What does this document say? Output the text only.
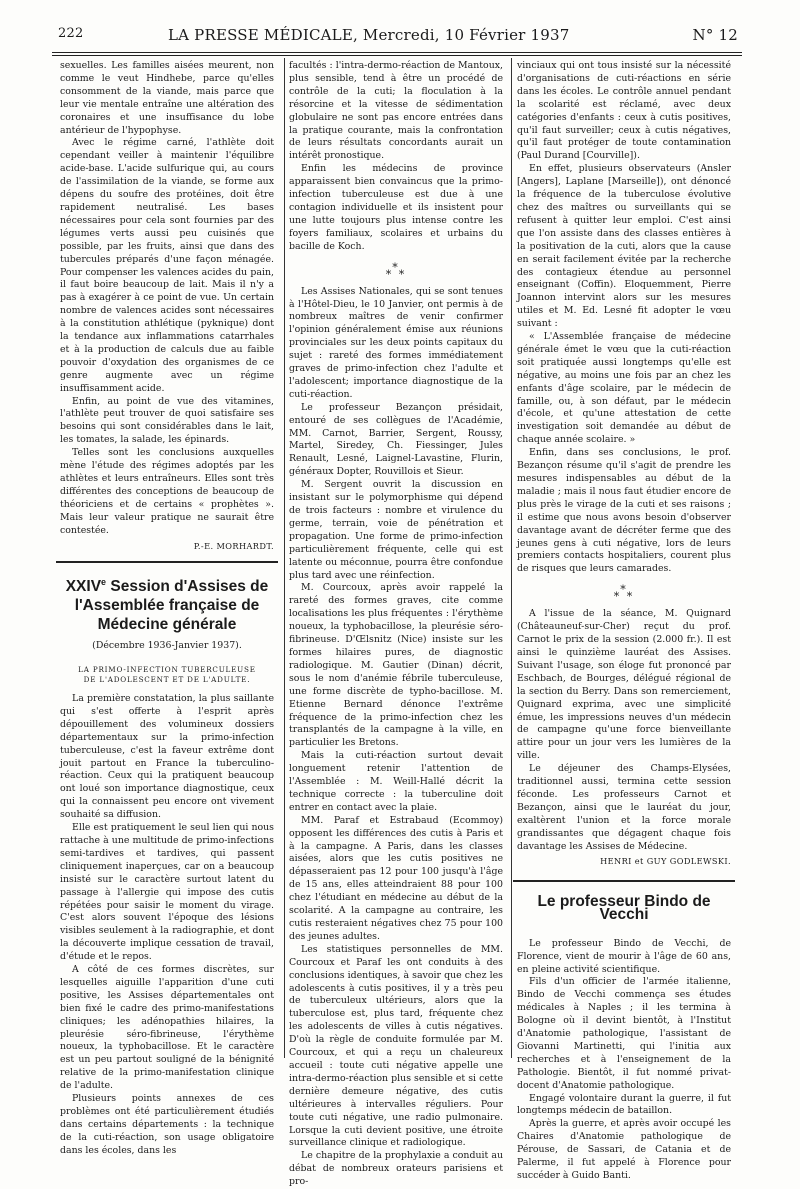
222	LA PRESSE MÉDICALE, Mercredi, 10 Février 1937	N° 12

sexuelles. Les familles aisées meurent, non comme le veut Hindhebe, parce qu'elles consomment de la viande, mais parce que leur vie mentale entraîne une altération des coronaires et une insuffisance du lobe antérieur de l'hypophyse.

Avec le régime carné, l'athlète doit cependant veiller à maintenir l'équilibre acide-base. L'acide sulfurique qui, au cours de l'assimilation de la viande, se forme aux dépens du soufre des protéines, doit être rapidement neutralisé. Les bases nécessaires pour cela sont fournies par des légumes verts aussi peu cuisinés que possible, par les fruits, ainsi que dans des tubercules préparés d'une façon ménagée. Pour compenser les valences acides du pain, il faut boire beaucoup de lait. Mais il n'y a pas à exagérer à ce point de vue. Un certain nombre de valences acides sont nécessaires à la constitution athlétique (pyknique) dont la tendance aux inflammations catarrhales et à la production de calculs due au faible pouvoir d'oxydation des organismes de ce genre augmente avec un régime insuffisamment acide.

Enfin, au point de vue des vitamines, l'athlète peut trouver de quoi satisfaire ses besoins qui sont considérables dans le lait, les tomates, la salade, les épinards.

Telles sont les conclusions auxquelles mène l'étude des régimes adoptés par les athlètes et leurs entraîneurs. Elles sont très différentes des conceptions de beaucoup de théoriciens et de certains « prophètes ». Mais leur valeur pratique ne saurait être contestée.

P.-E. MORHARDT.
XXIVe Session d'Assises de l'Assemblée française de Médecine générale
(Décembre 1936-Janvier 1937).
LA PRIMO-INFECTION TUBERCULEUSE
DE L'ADOLESCENT ET DE L'ADULTE.

La première constatation, la plus saillante qui s'est offerte à l'esprit après dépouillement des volumineux dossiers départementaux sur la primo-infection tuberculeuse, c'est la faveur extrême dont jouit partout en France la tuberculino-réaction. Ceux qui la pratiquent beaucoup ont loué son importance diagnostique, ceux qui la connaissent peu encore ont vivement souhaité sa diffusion.

Elle est pratiquement le seul lien qui nous rattache à une multitude de primo-infections semi-tardives et tardives, qui passent cliniquement inaperçues, car on a beaucoup insisté sur le caractère surtout latent du passage à l'allergie qui impose des cutis répétées pour saisir le moment du virage. C'est alors souvent l'époque des lésions visibles seulement à la radiographie, et dont la découverte implique cessation de travail, d'étude et le repos.

A côté de ces formes discrètes, sur lesquelles aiguille l'apparition d'une cuti positive, les Assises départementales ont bien fixé le cadre des primo-manifestations cliniques; les adénopathies hilaires, la pleurésie séro-fibrineuse, l'érythème noueux, la typhobacillose. Et le caractère est un peu partout souligné de la bénignité relative de la primo-manifestation clinique de l'adulte.

Plusieurs points annexes de ces problèmes ont été particulièrement étudiés dans certains départements : la technique de la cuti-réaction, son usage obligatoire dans les écoles, dans les

facultés : l'intra-dermo-réaction de Mantoux, plus sensible, tend à être un procédé de contrôle de la cuti; la floculation à la résorcine et la vitesse de sédimentation globulaire ne sont pas encore entrées dans la pratique courante, mais la confrontation de leurs résultats concordants aurait un intérêt pronostique.

Enfin les médecins de province apparaissent bien convaincus que la primo-infection tuberculeuse est due à une contagion individuelle et ils insistent pour une lutte toujours plus intense contre les foyers familiaux, scolaires et urbains du bacille de Koch.

*
* *

Les Assises Nationales, qui se sont tenues à l'Hôtel-Dieu, le 10 Janvier, ont permis à de nombreux maîtres de venir confirmer l'opinion généralement émise aux réunions provinciales sur les deux points capitaux du sujet : rareté des formes immédiatement graves de primo-infection chez l'adulte et l'adolescent; importance diagnostique de la cuti-réaction.

Le professeur Bezançon présidait, entouré de ses collègues de l'Académie, MM. Carnot, Barrier, Sergent, Roussy, Martel, Siredey, Ch. Fiessinger, Jules Renault, Lesné, Laignel-Lavastine, Flurin, généraux Dopter, Rouvillois et Sieur.

M. Sergent ouvrit la discussion en insistant sur le polymorphisme qui dépend de trois facteurs : nombre et virulence du germe, terrain, voie de pénétration et propagation. Une forme de primo-infection particulièrement fréquente, celle qui est latente ou méconnue, pourra être confondue plus tard avec une réinfection.

M. Courcoux, après avoir rappelé la rareté des formes graves, cite comme localisations les plus fréquentes : l'érythème noueux, la typhobacillose, la pleurésie séro-fibrineuse. D'Œlsnitz (Nice) insiste sur les formes hilaires pures, de diagnostic radiologique. M. Gautier (Dinan) décrit, sous le nom d'anémie fébrile tuberculeuse, une forme discrète de typho-bacillose. M. Etienne Bernard dénonce l'extrême fréquence de la primo-infection chez les transplantés de la campagne à la ville, en particulier les Bretons.

Mais la cuti-réaction surtout devait longuement retenir l'attention de l'Assemblée : M. Weill-Hallé décrit la technique correcte : la tuberculine doit entrer en contact avec la plaie.

MM. Paraf et Estrabaud (Ecommoy) opposent les différences des cutis à Paris et à la campagne. A Paris, dans les classes aisées, alors que les cutis positives ne dépasseraient pas 12 pour 100 jusqu'à l'âge de 15 ans, elles atteindraient 88 pour 100 chez l'étudiant en médecine au début de la scolarité. A la campagne au contraire, les cutis resteraient négatives chez 75 pour 100 des jeunes adultes.

Les statistiques personnelles de MM. Courcoux et Paraf les ont conduits à des conclusions identiques, à savoir que chez les adolescents à cutis positives, il y a très peu de tuberculeux ultérieurs, alors que la tuberculose est, plus tard, fréquente chez les adolescents de villes à cutis négatives. D'où la règle de conduite formulée par M. Courcoux, et qui a reçu un chaleureux accueil : toute cuti négative appelle une intra-dermo-réaction plus sensible et si cette dernière demeure négative, des cutis ultérieures à intervalles réguliers. Pour toute cuti négative, une radio pulmonaire. Lorsque la cuti devient positive, une étroite surveillance clinique et radiologique.

Le chapitre de la prophylaxie a conduit au débat de nombreux orateurs parisiens et pro-

vinciaux qui ont tous insisté sur la nécessité d'organisations de cuti-réactions en série dans les écoles. Le contrôle annuel pendant la scolarité est réclamé, avec deux catégories d'enfants : ceux à cutis positives, qu'il faut surveiller; ceux à cutis négatives, qu'il faut protéger de toute contamination (Paul Durand [Courville]).

En effet, plusieurs observateurs (Ansler [Angers], Laplane [Marseille]), ont dénoncé la fréquence de la tuberculose évolutive chez des maîtres ou surveillants qui se refusent à quitter leur emploi. C'est ainsi que l'on assiste dans des classes entières à la positivation de la cuti, alors que la cause en serait facilement évitée par la recherche des contagieux étendue au personnel enseignant (Coffin). Eloquemment, Pierre Joannon intervint alors sur les mesures utiles et M. Ed. Lesné fit adopter le vœu suivant :

« L'Assemblée française de médecine générale émet le vœu que la cuti-réaction soit pratiquée aussi longtemps qu'elle est négative, au moins une fois par an chez les enfants d'âge scolaire, par le médecin de famille, ou, à son défaut, par le médecin d'école, et qu'une attestation de cette investigation soit demandée au début de chaque année scolaire. »

Enfin, dans ses conclusions, le prof. Bezançon résume qu'il s'agit de prendre les mesures indispensables au début de la maladie ; mais il nous faut étudier encore de plus près le virage de la cuti et ses raisons ; il estime que nous avons besoin d'observer davantage avant de décréter ferme que des jeunes gens à cuti négative, lors de leurs premiers contacts hospitaliers, courent plus de risques que leurs camarades.

*
* *

A l'issue de la séance, M. Quignard (Châteauneuf-sur-Cher) reçut du prof. Carnot le prix de la session (2.000 fr.). Il est ainsi le quinzième lauréat des Assises. Suivant l'usage, son éloge fut prononcé par Eschbach, de Bourges, délégué régional de la section du Berry. Dans son remerciement, Quignard exprima, avec une simplicité émue, les impressions neuves d'un médecin de campagne qu'une force bienveillante attire pour un jour vers les lumières de la ville.

Le déjeuner des Champs-Elysées, traditionnel aussi, termina cette session féconde. Les professeurs Carnot et Bezançon, ainsi que le lauréat du jour, exaltèrent l'union et la force morale grandissantes que dégagent chaque fois davantage les Assises de Médecine.

HENRI et GUY GODLEWSKI.
Le professeur Bindo de Vecchi

Le professeur Bindo de Vecchi, de Florence, vient de mourir à l'âge de 60 ans, en pleine activité scientifique.

Fils d'un officier de l'armée italienne, Bindo de Vecchi commença ses études médicales à Naples ; il les termina à Bologne où il devint bientôt, à l'Institut d'Anatomie pathologique, l'assistant de Giovanni Martinetti, qui l'initia aux recherches et à l'enseignement de la Pathologie. Bientôt, il fut nommé privat-docent d'Anatomie pathologique.

Engagé volontaire durant la guerre, il fut longtemps médecin de bataillon.

Après la guerre, et après avoir occupé les Chaires d'Anatomie pathologique de Pérouse, de Sassari, de Catania et de Palerme, il fut appelé à Florence pour succéder à Guido Banti.
